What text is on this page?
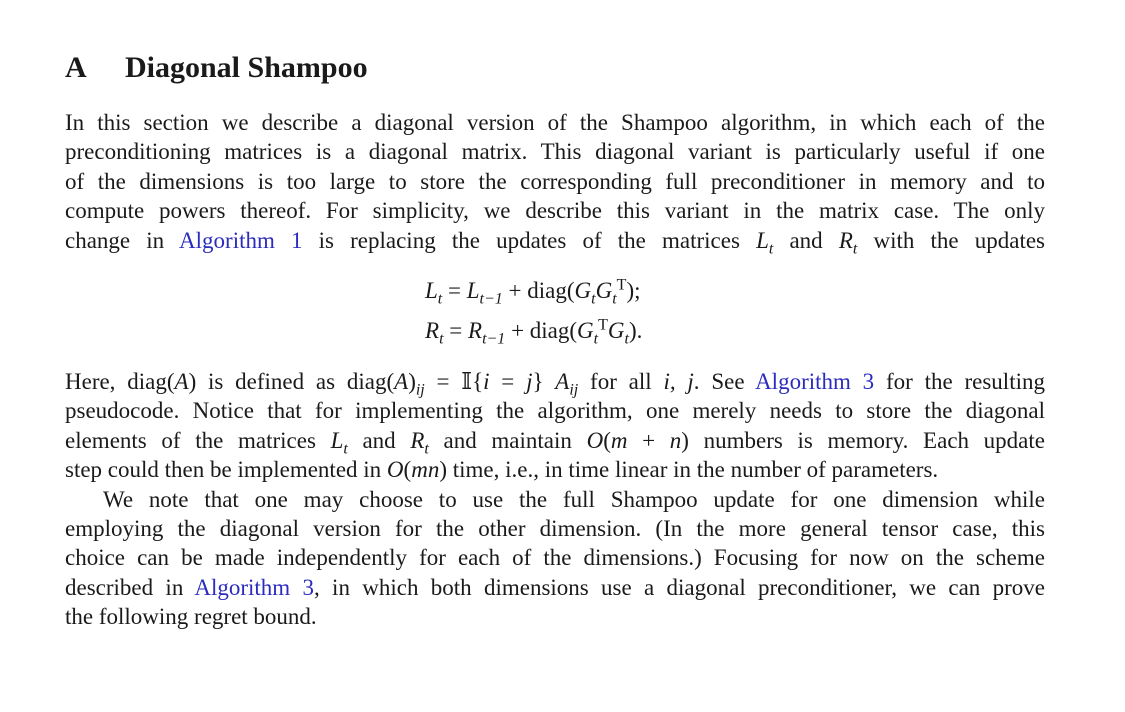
A	Diagonal Shampoo

In this section we describe a diagonal version of the Shampoo algorithm, in which each of the
preconditioning matrices is a diagonal matrix. This diagonal variant is particularly useful if one
of the dimensions is too large to store the corresponding full preconditioner in memory and to
compute powers thereof. For simplicity, we describe this variant in the matrix case. The only
change in Algorithm 1 is replacing the updates of the matrices $L_t$ and $R_t$ with the updates

$L_t = L_{t-1}$ + $diag(G_tG_t^T)$;
$R_t = R_{t-1}$ + $diag(G_t^TG_t)$.

Here, diag(A) is defined as $diag(A)_{ij}$ = 𝕀{i = j} $A_{ij}$ for all i, j. See Algorithm 3 for the resulting
pseudocode. Notice that for implementing the algorithm, one merely needs to store the diagonal
elements of the matrices $L_t$ and $R_t$ and maintain O(m + n) numbers is memory. Each update
step could then be implemented in O(mn) time, i.e., in time linear in the number of parameters.

We note that one may choose to use the full Shampoo update for one dimension while
employing the diagonal version for the other dimension. (In the more general tensor case, this
choice can be made independently for each of the dimensions.) Focusing for now on the scheme
described in Algorithm 3, in which both dimensions use a diagonal preconditioner, we can prove
the following regret bound.
